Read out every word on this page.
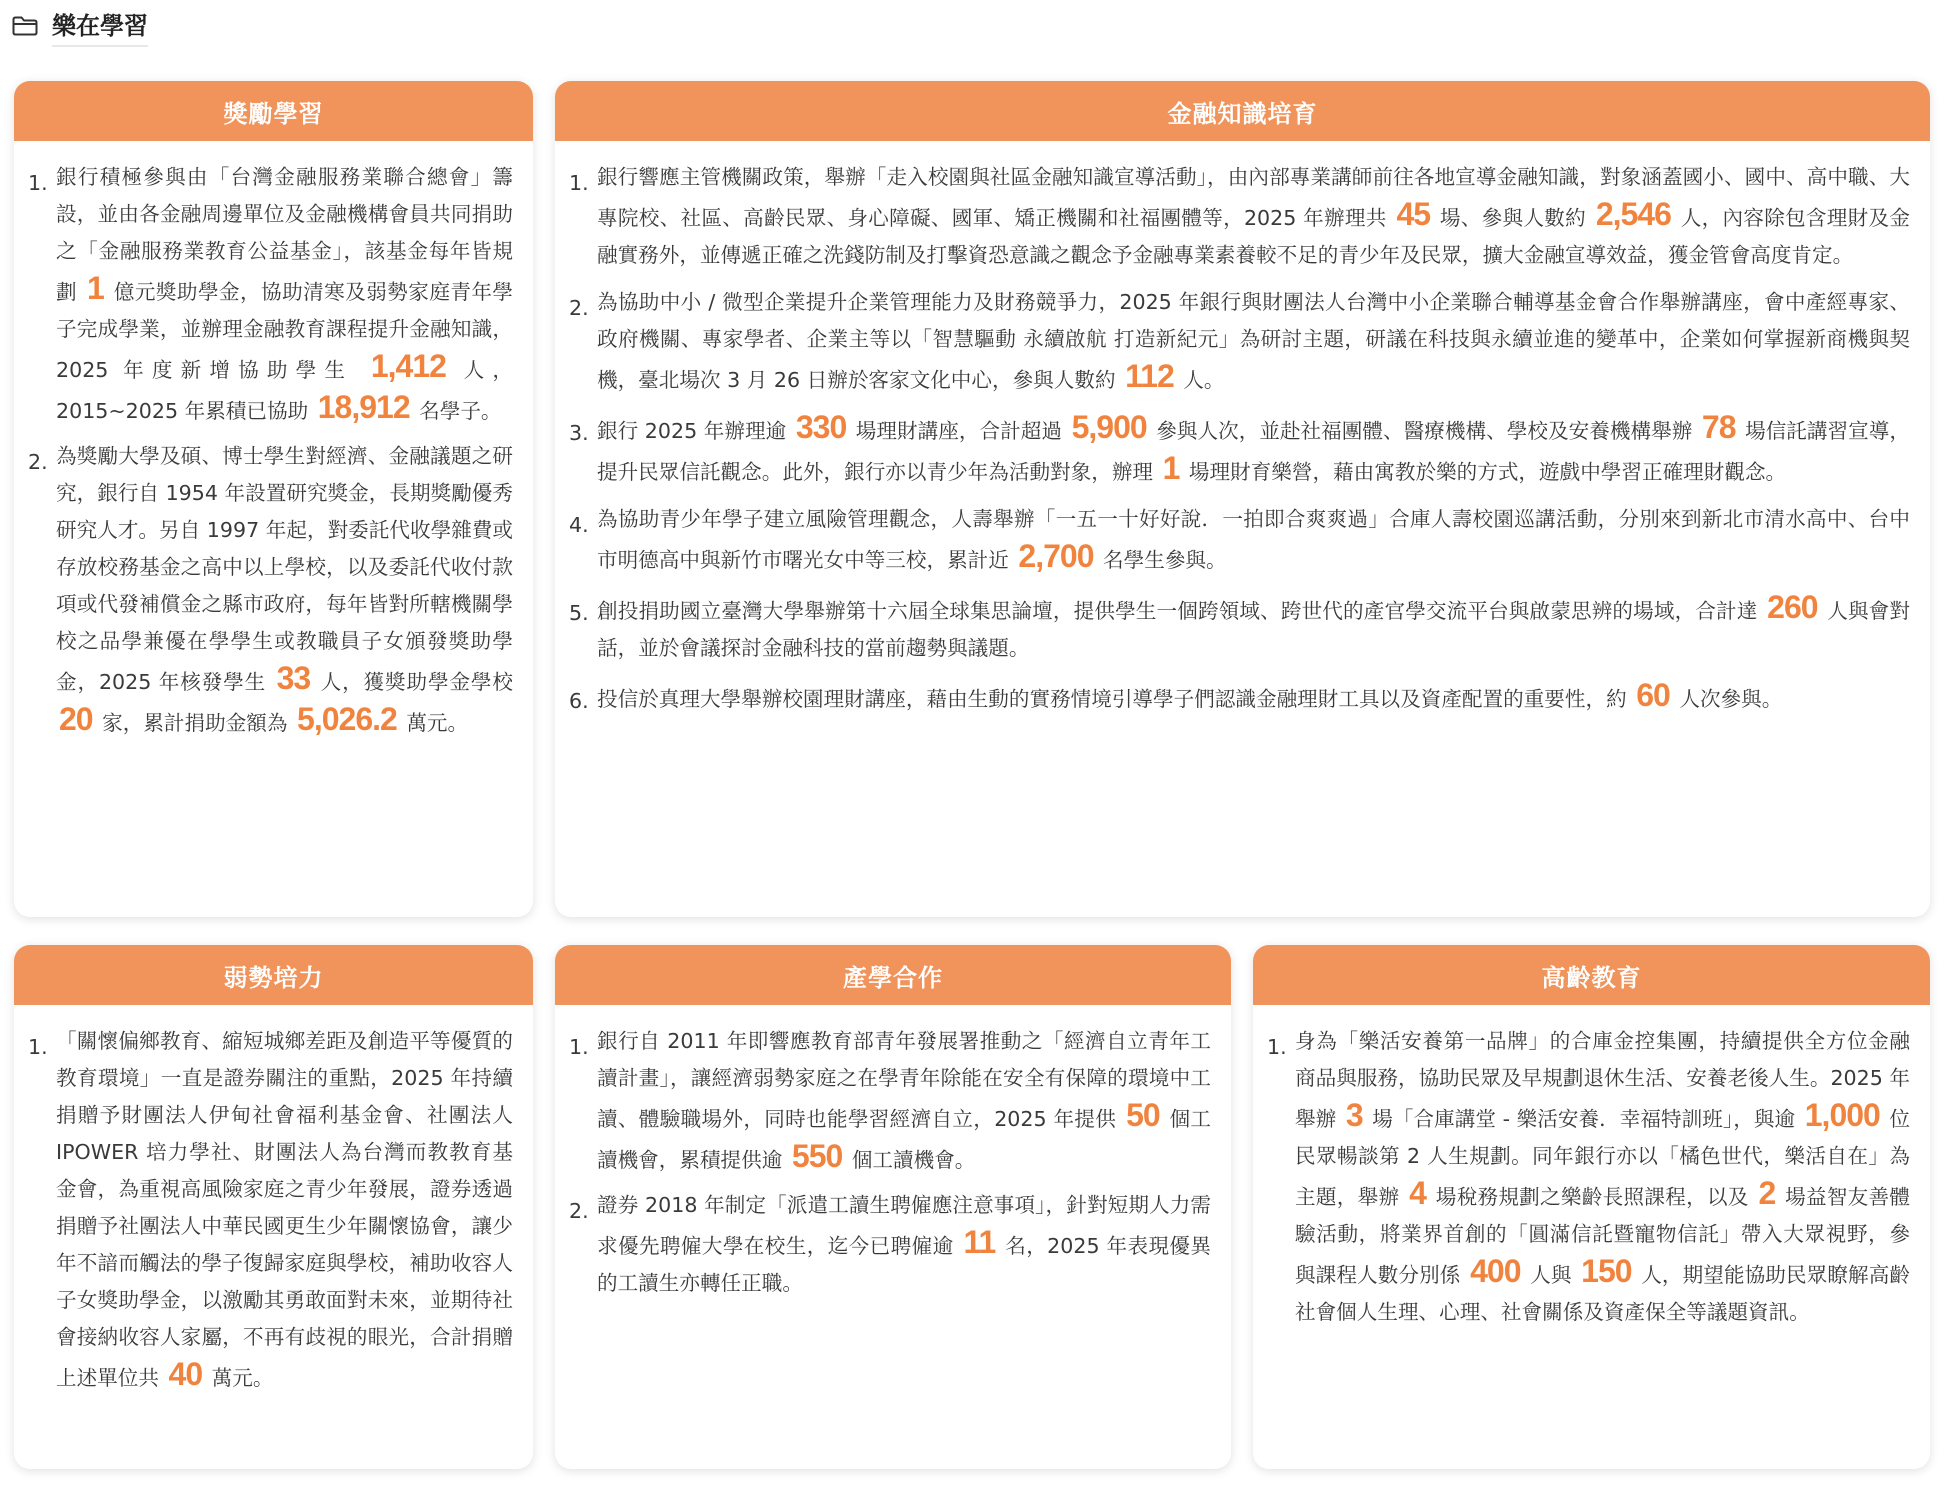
樂在學習
獎勵學習
1. 銀行積極參與由「台灣金融服務業聯合總會」籌設，並由各金融周邊單位及金融機構會員共同捐助之「金融服務業教育公益基金」，該基金每年皆規劃 1 億元獎助學金，協助清寒及弱勢家庭青年學子完成學業，並辦理金融教育課程提升金融知識，2025 年度新增協助學生 1,412 人，2015~2025 年累積已協助 18,912 名學子。
2. 為獎勵大學及碩、博士學生對經濟、金融議題之研究，銀行自 1954 年設置研究獎金，長期獎勵優秀研究人才。另自 1997 年起，對委託代收學雜費或存放校務基金之高中以上學校，以及委託代收付款項或代發補償金之縣市政府，每年皆對所轄機關學校之品學兼優在學學生或教職員子女頒發獎助學金，2025 年核發學生 33 人，獲獎助學金學校 20 家，累計捐助金額為 5,026.2 萬元。
金融知識培育
1. 銀行響應主管機關政策，舉辦「走入校園與社區金融知識宣導活動」，由內部專業講師前往各地宣導金融知識，對象涵蓋國小、國中、高中職、大專院校、社區、高齡民眾、身心障礙、國軍、矯正機關和社福團體等，2025 年辦理共 45 場、參與人數約 2,546 人，內容除包含理財及金融實務外，並傳遞正確之洗錢防制及打擊資恐意識之觀念予金融專業素養較不足的青少年及民眾，擴大金融宣導效益，獲金管會高度肯定。
2. 為協助中小 / 微型企業提升企業管理能力及財務競爭力，2025 年銀行與財團法人台灣中小企業聯合輔導基金會合作舉辦講座，會中產經專家、政府機關、專家學者、企業主等以「智慧驅動 永續啟航 打造新紀元」為研討主題，研議在科技與永續並進的變革中，企業如何掌握新商機與契機，臺北場次 3 月 26 日辦於客家文化中心，參與人數約 112 人。
3. 銀行 2025 年辦理逾 330 場理財講座，合計超過 5,900 參與人次，並赴社福團體、醫療機構、學校及安養機構舉辦 78 場信託講習宣導，提升民眾信託觀念。此外，銀行亦以青少年為活動對象，辦理 1 場理財育樂營，藉由寓教於樂的方式，遊戲中學習正確理財觀念。
4. 為協助青少年學子建立風險管理觀念，人壽舉辦「一五一十好好說．一拍即合爽爽過」合庫人壽校園巡講活動，分別來到新北市清水高中、台中市明德高中與新竹市曙光女中等三校，累計近 2,700 名學生參與。
5. 創投捐助國立臺灣大學舉辦第十六屆全球集思論壇，提供學生一個跨領域、跨世代的產官學交流平台與啟蒙思辨的場域，合計達 260 人與會對話，並於會議探討金融科技的當前趨勢與議題。
6. 投信於真理大學舉辦校園理財講座，藉由生動的實務情境引導學子們認識金融理財工具以及資產配置的重要性，約 60 人次參與。
弱勢培力
1. 「關懷偏鄉教育、縮短城鄉差距及創造平等優質的教育環境」一直是證券關注的重點，2025 年持續捐贈予財團法人伊甸社會福利基金會、社團法人 IPOWER 培力學社、財團法人為台灣而教教育基金會，為重視高風險家庭之青少年發展，證券透過捐贈予社團法人中華民國更生少年關懷協會，讓少年不諳而觸法的學子復歸家庭與學校，補助收容人子女獎助學金，以激勵其勇敢面對未來，並期待社會接納收容人家屬，不再有歧視的眼光，合計捐贈上述單位共 40 萬元。
產學合作
1. 銀行自 2011 年即響應教育部青年發展署推動之「經濟自立青年工讀計畫」，讓經濟弱勢家庭之在學青年除能在安全有保障的環境中工讀、體驗職場外，同時也能學習經濟自立，2025 年提供 50 個工讀機會，累積提供逾 550 個工讀機會。
2. 證券 2018 年制定「派遣工讀生聘僱應注意事項」，針對短期人力需求優先聘僱大學在校生，迄今已聘僱逾 11 名，2025 年表現優異的工讀生亦轉任正職。
高齡教育
1. 身為「樂活安養第一品牌」的合庫金控集團，持續提供全方位金融商品與服務，協助民眾及早規劃退休生活、安養老後人生。2025 年舉辦 3 場「合庫講堂 - 樂活安養．幸福特訓班」，與逾 1,000 位民眾暢談第 2 人生規劃。同年銀行亦以「橘色世代，樂活自在」為主題，舉辦 4 場稅務規劃之樂齡長照課程，以及 2 場益智友善體驗活動，將業界首創的「圓滿信託暨寵物信託」帶入大眾視野，參與課程人數分別係 400 人與 150 人，期望能協助民眾瞭解高齡社會個人生理、心理、社會關係及資產保全等議題資訊。
